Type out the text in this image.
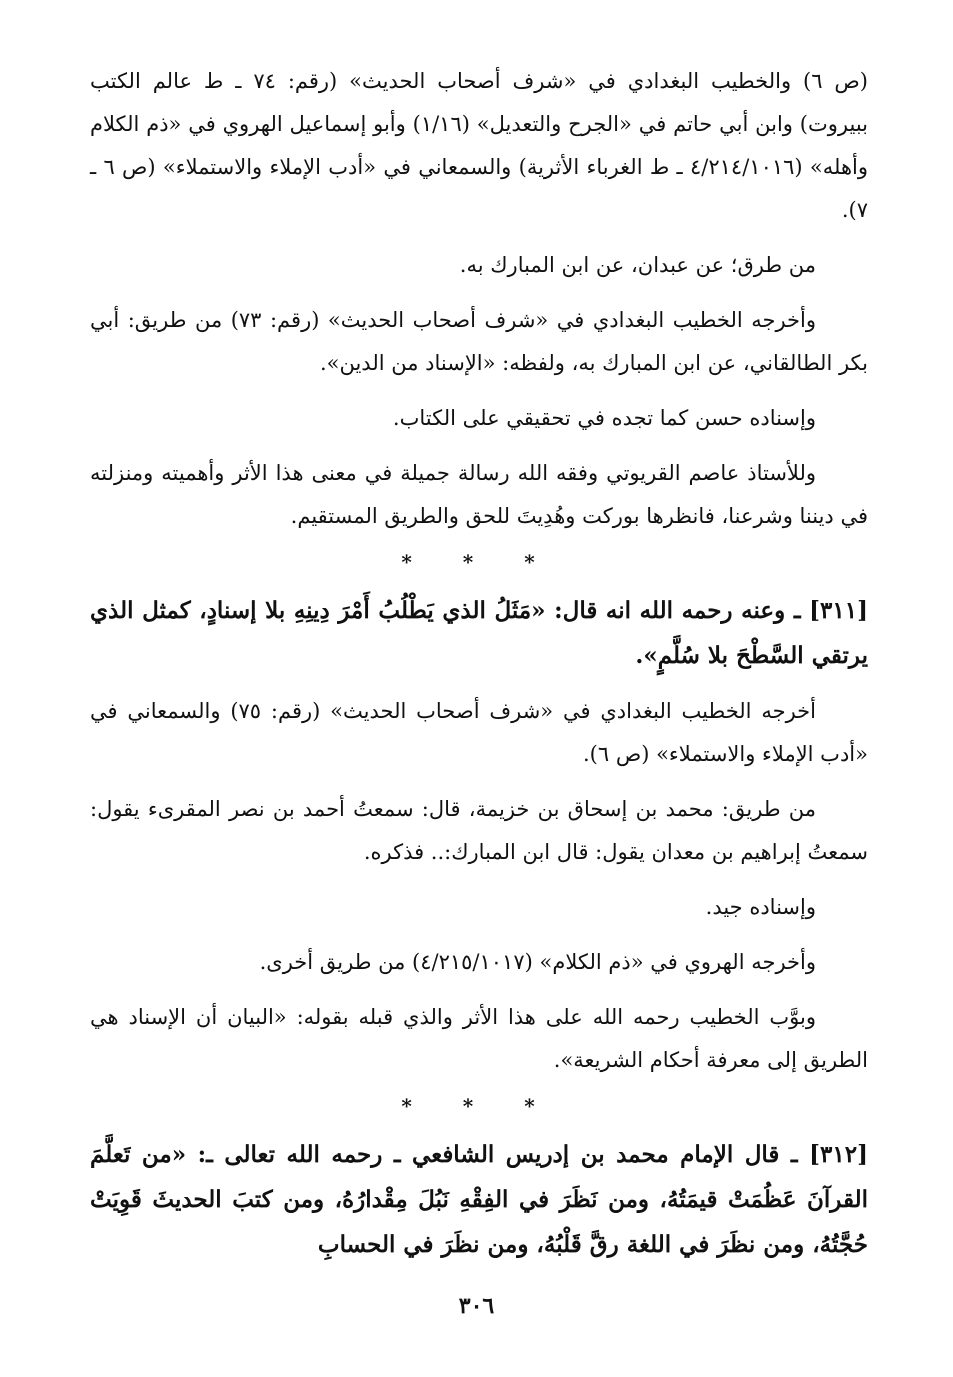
(ص ٦) والخطيب البغدادي في «شرف أصحاب الحديث» (رقم: ٧٤ ـ ط عالم الكتب ببيروت) وابن أبي حاتم في «الجرح والتعديل» (١/١٦) وأبو إسماعيل الهروي في «ذم الكلام وأهله» (٤/٢١٤/١٠١٦ ـ ط الغرباء الأثرية) والسمعاني في «أدب الإملاء والاستملاء» (ص ٦ ـ ٧).

من طرق؛ عن عبدان، عن ابن المبارك به.

وأخرجه الخطيب البغدادي في «شرف أصحاب الحديث» (رقم: ٧٣) من طريق: أبي بكر الطالقاني، عن ابن المبارك به، ولفظه: «الإسناد من الدين».

وإسناده حسن كما تجده في تحقيقي على الكتاب.

وللأستاذ عاصم القريوتي وفقه الله رسالة جميلة في معنى هذا الأثر وأهميته ومنزلته في ديننا وشرعنا، فانظرها بوركت وهُدِيتَ للحق والطريق المستقيم.

* * *

[٣١١] ـ وعنه رحمه الله انه قال: «مَثَلُ الذي يَطْلُبُ أَمْرَ دِينِهِ بلا إسنادٍ، كمثل الذي يرتقي السَّطْحَ بلا سُلَّمٍ».

أخرجه الخطيب البغدادي في «شرف أصحاب الحديث» (رقم: ٧٥) والسمعاني في «أدب الإملاء والاستملاء» (ص ٦).

من طريق: محمد بن إسحاق بن خزيمة، قال: سمعتُ أحمد بن نصر المقرىء يقول: سمعتُ إبراهيم بن معدان يقول: قال ابن المبارك:.. فذكره.

وإسناده جيد.

وأخرجه الهروي في «ذم الكلام» (٤/٢١٥/١٠١٧) من طريق أخرى.

وبوَّب الخطيب رحمه الله على هذا الأثر والذي قبله بقوله: «البيان أن الإسناد هي الطريق إلى معرفة أحكام الشريعة».

* * *

[٣١٢] ـ قال الإمام محمد بن إدريس الشافعي ـ رحمه الله تعالى ـ: «من تَعلَّمَ القرآنَ عَظُمَتْ قيمَتُهُ، ومن نَظَرَ في الفِقْهِ نَبُلَ مِقْدارُهُ، ومن كتبَ الحديثَ قَوِيَتْ حُجَّتُهُ، ومن نظَرَ في اللغة رقَّ قَلْبُهُ، ومن نظَرَ في الحسابِ

٣٠٦
